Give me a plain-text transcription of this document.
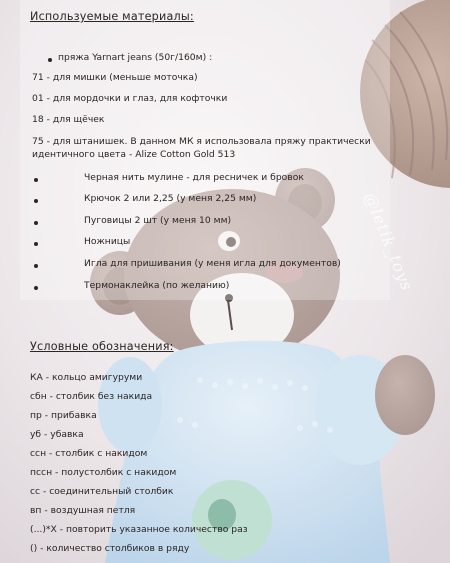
@letik_toys
Используемые материалы:
пряжа Yarnart jeans (50г/160м) :
71 - для мишки (меньше моточка)
01 - для мордочки и глаз, для кофточки
18 - для щёчек
75 - для штанишек. В данном МК я использовала пряжу практически идентичного цвета - Alize Cotton Gold 513
Черная нить мулине - для ресничек и бровок
Крючок 2 или 2,25 (у меня 2,25 мм)
Пуговицы 2 шт (у меня 10 мм)
Ножницы
Игла для пришивания (у меня игла для документов)
Термонаклейка (по желанию)
Условные обозначения:
КА - кольцо амигуруми
сбн - столбик без накида
пр - прибавка
уб - убавка
ссн - столбик с накидом
пссн - полустолбик с накидом
сс - соединительный столбик
вп - воздушная петля
(...)*Х - повторить указанное количество раз
() - количество столбиков в ряду
